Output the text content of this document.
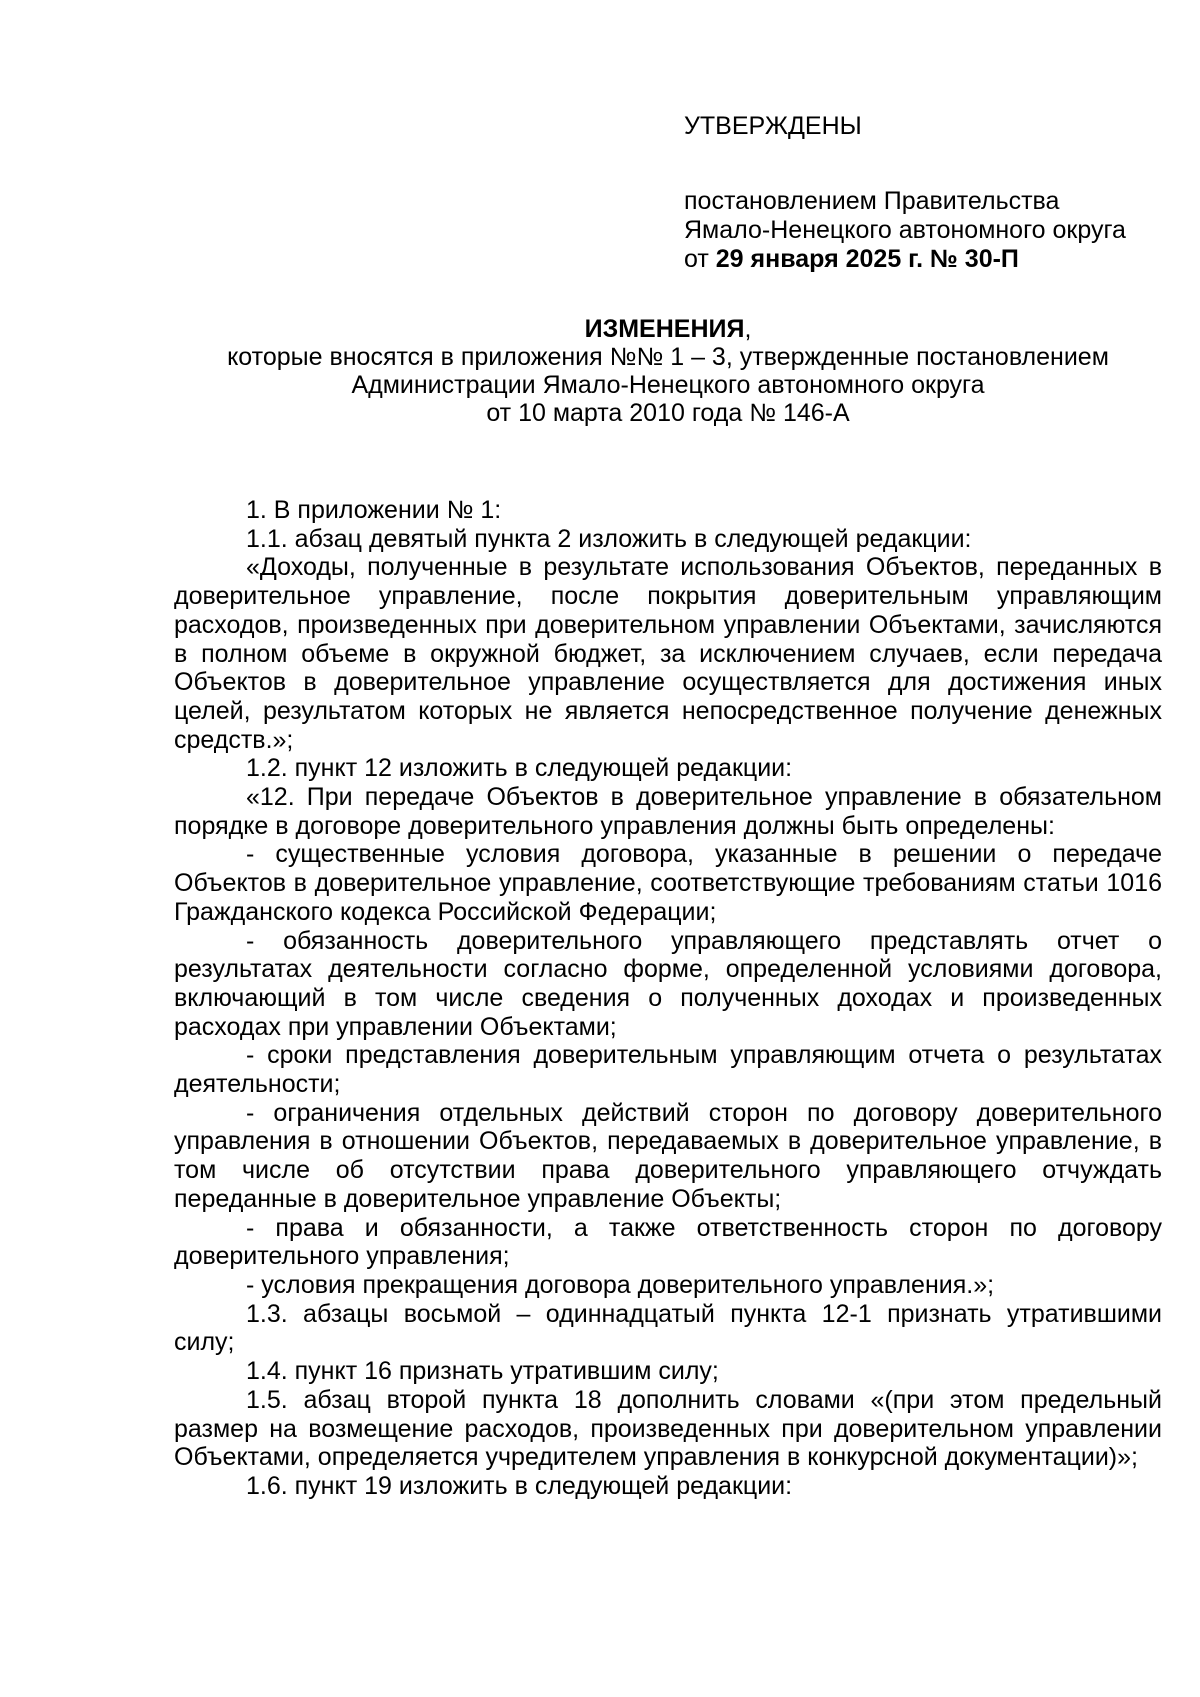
УТВЕРЖДЕНЫ
постановлением Правительства
Ямало-Ненецкого автономного округа
от 29 января 2025 г. № 30-П
ИЗМЕНЕНИЯ,
которые вносятся в приложения №№ 1 – 3, утвержденные постановлением
Администрации Ямало-Ненецкого автономного округа
от 10 марта 2010 года № 146-А

1. В приложении № 1:

1.1. абзац девятый пункта 2 изложить в следующей редакции:

«Доходы, полученные в результате использования Объектов, переданных в доверительное управление, после покрытия доверительным управляющим расходов, произведенных при доверительном управлении Объектами, зачисляются в полном объеме в окружной бюджет, за исключением случаев, если передача Объектов в доверительное управление осуществляется для достижения иных целей, результатом которых не является непосредственное получение денежных средств.»;

1.2. пункт 12 изложить в следующей редакции:

«12. При передаче Объектов в доверительное управление в обязательном порядке в договоре доверительного управления должны быть определены:

- существенные условия договора, указанные в решении о передаче Объектов в доверительное управление, соответствующие требованиям статьи 1016 Гражданского кодекса Российской Федерации;

- обязанность доверительного управляющего представлять отчет о результатах деятельности согласно форме, определенной условиями договора, включающий в том числе сведения о полученных доходах и произведенных расходах при управлении Объектами;

- сроки представления доверительным управляющим отчета о результатах деятельности;

- ограничения отдельных действий сторон по договору доверительного управления в отношении Объектов, передаваемых в доверительное управление, в том числе об отсутствии права доверительного управляющего отчуждать переданные в доверительное управление Объекты;

- права и обязанности, а также ответственность сторон по договору доверительного управления;

- условия прекращения договора доверительного управления.»;

1.3. абзацы восьмой – одиннадцатый пункта 12-1 признать утратившими силу;

1.4. пункт 16 признать утратившим силу;

1.5. абзац второй пункта 18 дополнить словами «(при этом предельный размер на возмещение расходов, произведенных при доверительном управлении Объектами, определяется учредителем управления в конкурсной документации)»;

1.6. пункт 19 изложить в следующей редакции:
